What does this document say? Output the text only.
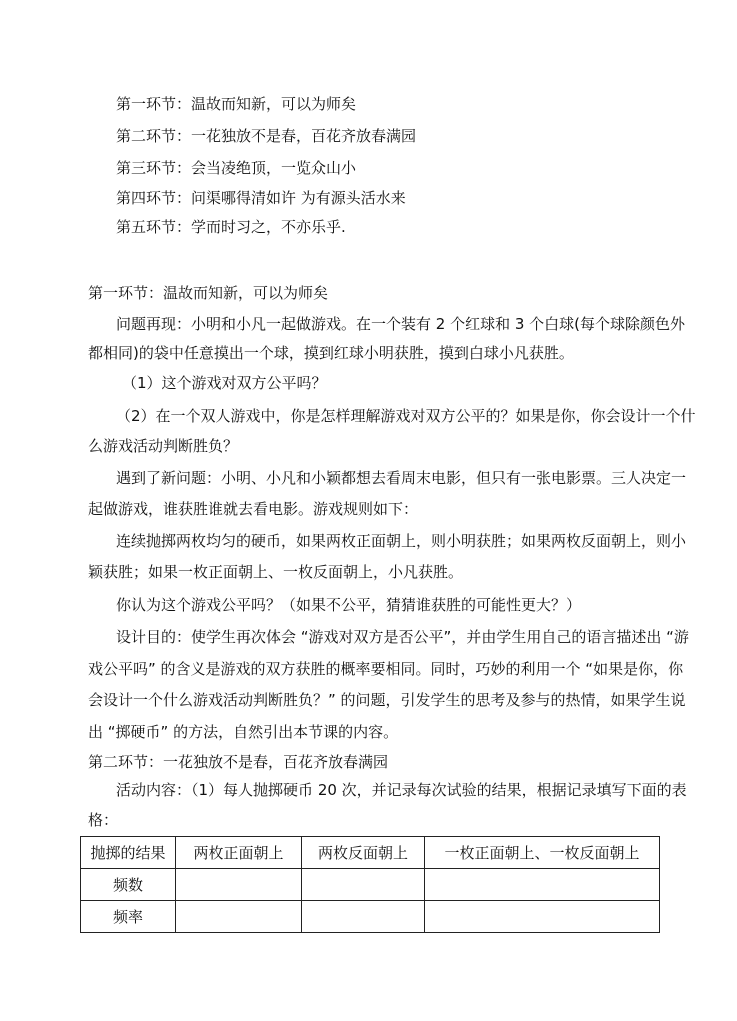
第一环节：温故而知新，可以为师矣
第二环节：一花独放不是春，百花齐放春满园
第三环节：会当凌绝顶，一览众山小
第四环节：问渠哪得清如许 为有源头活水来
第五环节：学而时习之，不亦乐乎.
第一环节：温故而知新，可以为师矣
问题再现：小明和小凡一起做游戏。在一个装有 2 个红球和 3 个白球(每个球除颜色外
都相同)的袋中任意摸出一个球，摸到红球小明获胜，摸到白球小凡获胜。
（1）这个游戏对双方公平吗？
（2）在一个双人游戏中，你是怎样理解游戏对双方公平的？如果是你，你会设计一个什
么游戏活动判断胜负？
遇到了新问题：小明、小凡和小颖都想去看周末电影，但只有一张电影票。三人决定一
起做游戏，谁获胜谁就去看电影。游戏规则如下：
连续抛掷两枚均匀的硬币，如果两枚正面朝上，则小明获胜；如果两枚反面朝上，则小
颖获胜；如果一枚正面朝上、一枚反面朝上，小凡获胜。
你认为这个游戏公平吗？（如果不公平，猜猜谁获胜的可能性更大？）
设计目的：使学生再次体会 “游戏对双方是否公平”，并由学生用自己的语言描述出 “游
戏公平吗” 的含义是游戏的双方获胜的概率要相同。同时，巧妙的利用一个 “如果是你，你
会设计一个什么游戏活动判断胜负？” 的问题，引发学生的思考及参与的热情，如果学生说
出 “掷硬币” 的方法，自然引出本节课的内容。
第二环节：一花独放不是春，百花齐放春满园
活动内容：（1）每人抛掷硬币 20 次，并记录每次试验的结果，根据记录填写下面的表
格：
抛掷的结果	两枚正面朝上	两枚反面朝上	一枚正面朝上、一枚反面朝上
频数			
频率			
